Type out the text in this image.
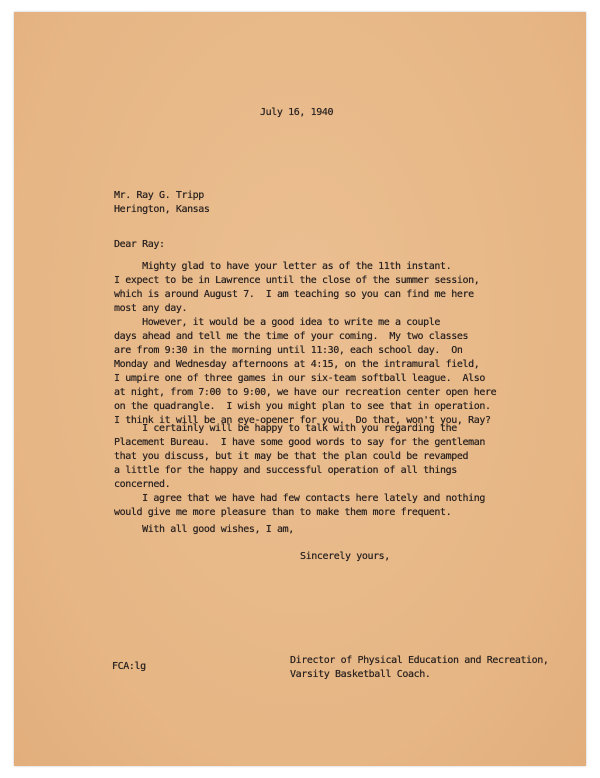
July 16, 1940
Mr. Ray G. Tripp
Herington, Kansas
Dear Ray:
Mighty glad to have your letter as of the 11th instant.
I expect to be in Lawrence until the close of the summer session,
which is around August 7.  I am teaching so you can find me here
most any day.
However, it would be a good idea to write me a couple
days ahead and tell me the time of your coming.  My two classes
are from 9:30 in the morning until 11:30, each school day.  On
Monday and Wednesday afternoons at 4:15, on the intramural field,
I umpire one of three games in our six-team softball league.  Also
at night, from 7:00 to 9:00, we have our recreation center open here
on the quadrangle.  I wish you might plan to see that in operation.
I think it will be an eye-opener for you.  Do that, won't you, Ray?
I certainly will be happy to talk with you regarding the
Placement Bureau.  I have some good words to say for the gentleman
that you discuss, but it may be that the plan could be revamped
a little for the happy and successful operation of all things
concerned.
I agree that we have had few contacts here lately and nothing
would give me more pleasure than to make them more frequent.
With all good wishes, I am,
Sincerely yours,
FCA:lg
Director of Physical Education and Recreation,
Varsity Basketball Coach.
